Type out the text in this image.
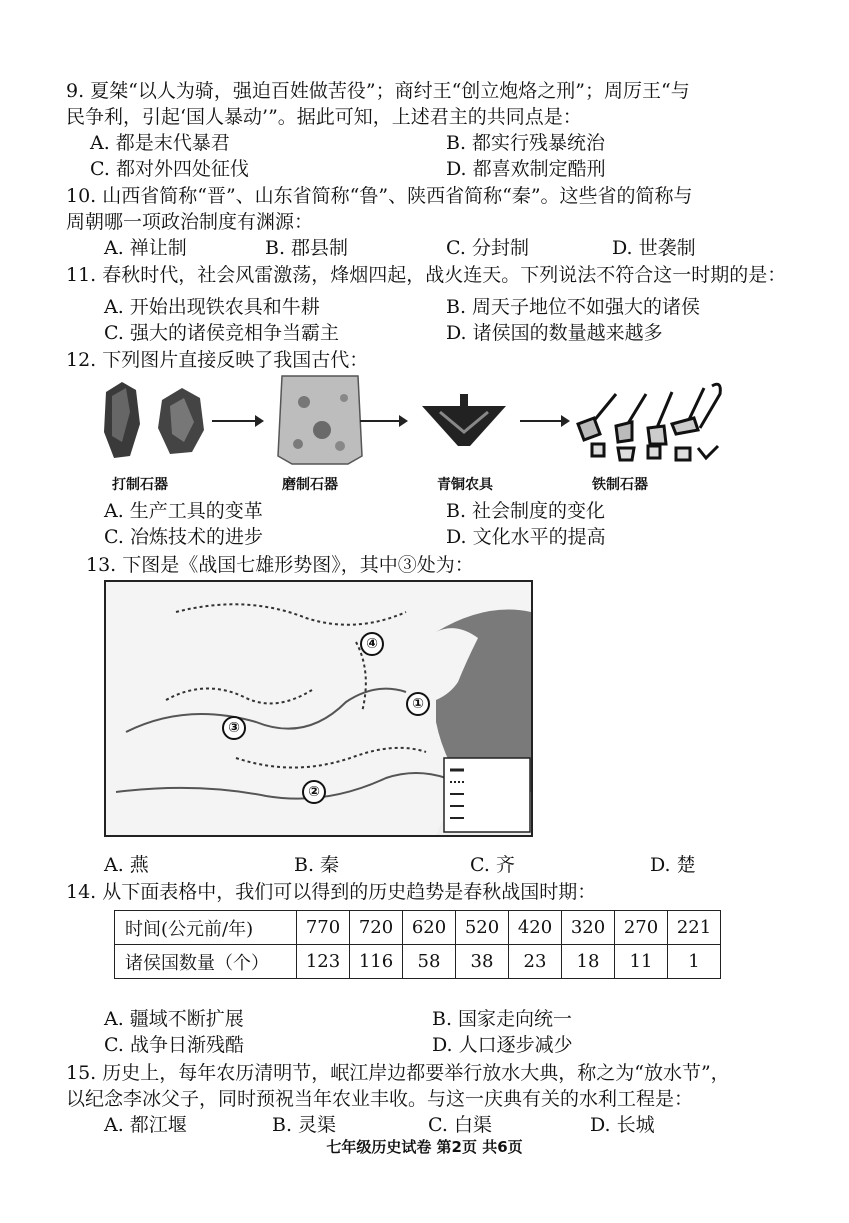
9. 夏桀“以人为骑，强迫百姓做苦役”；商纣王“创立炮烙之刑”；周厉王“与
民争利，引起‘国人暴动’”。据此可知，上述君主的共同点是：
A. 都是末代暴君	B. 都实行残暴统治
C. 都对外四处征伐	D. 都喜欢制定酷刑
10. 山西省简称“晋”、山东省简称“鲁”、陕西省简称“秦”。这些省的简称与
周朝哪一项政治制度有渊源：
A. 禅让制	B. 郡县制	C. 分封制	D. 世袭制
11. 春秋时代，社会风雷激荡，烽烟四起，战火连天。下列说法不符合这一时期的是：
A. 开始出现铁农具和牛耕	B. 周天子地位不如强大的诸侯
C. 强大的诸侯竞相争当霸主	D. 诸侯国的数量越来越多
12. 下列图片直接反映了我国古代：
打制石器	磨制石器	青铜农具	铁制石器
A. 生产工具的变革	B. 社会制度的变化
C. 冶炼技术的进步	D. 文化水平的提高
13. 下图是《战国七雄形势图》，其中③处为：
①
②
③
④
A. 燕	B. 秦	C. 齐	D. 楚
14. 从下面表格中，我们可以得到的历史趋势是春秋战国时期：
时间(公元前/年)	770	720	620	520	420	320	270	221
诸侯国数量（个）	123	116	58	38	23	18	11	1
A. 疆域不断扩展	B. 国家走向统一
C. 战争日渐残酷	D. 人口逐步减少
15. 历史上，每年农历清明节，岷江岸边都要举行放水大典，称之为“放水节”，
以纪念李冰父子，同时预祝当年农业丰收。与这一庆典有关的水利工程是：
A. 都江堰	B. 灵渠	C. 白渠	D. 长城
七年级历史试卷 第2页 共6页
